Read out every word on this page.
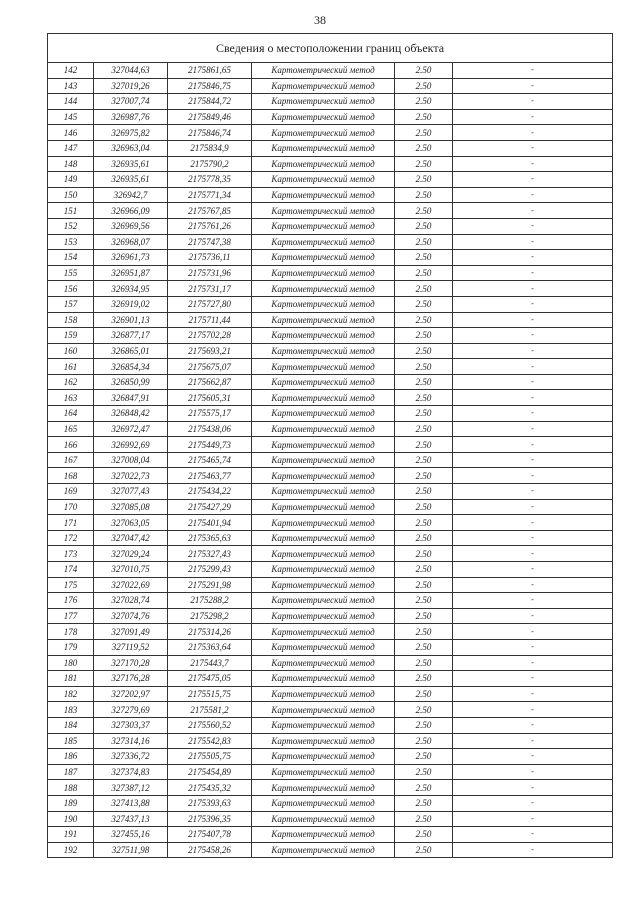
38
Сведения о местоположении границ объекта					
142	327044,63	2175861,65	Картометрический метод	2.50	-
143	327019,26	2175846,75	Картометрический метод	2.50	-
144	327007,74	2175844,72	Картометрический метод	2.50	-
145	326987,76	2175849,46	Картометрический метод	2.50	-
146	326975,82	2175846,74	Картометрический метод	2.50	-
147	326963,04	2175834,9	Картометрический метод	2.50	-
148	326935,61	2175790,2	Картометрический метод	2.50	-
149	326935,61	2175778,35	Картометрический метод	2.50	-
150	326942,7	2175771,34	Картометрический метод	2.50	-
151	326966,09	2175767,85	Картометрический метод	2.50	-
152	326969,56	2175761,26	Картометрический метод	2.50	-
153	326968,07	2175747,38	Картометрический метод	2.50	-
154	326961,73	2175736,11	Картометрический метод	2.50	-
155	326951,87	2175731,96	Картометрический метод	2.50	-
156	326934,95	2175731,17	Картометрический метод	2.50	-
157	326919,02	2175727,80	Картометрический метод	2.50	-
158	326901,13	2175711,44	Картометрический метод	2.50	-
159	326877,17	2175702,28	Картометрический метод	2.50	-
160	326865,01	2175693,21	Картометрический метод	2.50	-
161	326854,34	2175675,07	Картометрический метод	2.50	-
162	326850,99	2175662,87	Картометрический метод	2.50	-
163	326847,91	2175605,31	Картометрический метод	2.50	-
164	326848,42	2175575,17	Картометрический метод	2.50	-
165	326972,47	2175438,06	Картометрический метод	2.50	-
166	326992,69	2175449,73	Картометрический метод	2.50	-
167	327008,04	2175465,74	Картометрический метод	2.50	-
168	327022,73	2175463,77	Картометрический метод	2.50	-
169	327077,43	2175434,22	Картометрический метод	2.50	-
170	327085,08	2175427,29	Картометрический метод	2.50	-
171	327063,05	2175401,94	Картометрический метод	2.50	-
172	327047,42	2175365,63	Картометрический метод	2.50	-
173	327029,24	2175327,43	Картометрический метод	2.50	-
174	327010,75	2175299,43	Картометрический метод	2.50	-
175	327022,69	2175291,98	Картометрический метод	2.50	-
176	327028,74	2175288,2	Картометрический метод	2.50	-
177	327074,76	2175298,2	Картометрический метод	2.50	-
178	327091,49	2175314,26	Картометрический метод	2.50	-
179	327119,52	2175363,64	Картометрический метод	2.50	-
180	327170,28	2175443,7	Картометрический метод	2.50	-
181	327176,28	2175475,05	Картометрический метод	2.50	-
182	327202,97	2175515,75	Картометрический метод	2.50	-
183	327279,69	2175581,2	Картометрический метод	2.50	-
184	327303,37	2175560,52	Картометрический метод	2.50	-
185	327314,16	2175542,83	Картометрический метод	2.50	-
186	327336,72	2175505,75	Картометрический метод	2.50	-
187	327374,83	2175454,89	Картометрический метод	2.50	-
188	327387,12	2175435,32	Картометрический метод	2.50	-
189	327413,88	2175393,63	Картометрический метод	2.50	-
190	327437,13	2175396,35	Картометрический метод	2.50	-
191	327455,16	2175407,78	Картометрический метод	2.50	-
192	327511,98	2175458,26	Картометрический метод	2.50	-
